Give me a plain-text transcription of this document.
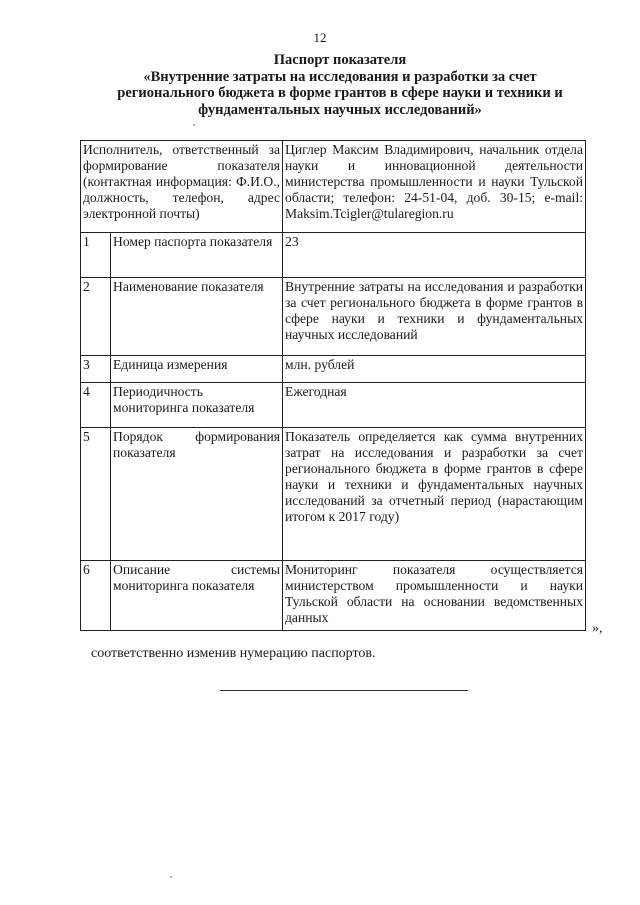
12
Паспорт показателя
«Внутренние затраты на исследования и разработки за счет
регионального бюджета в форме грантов в сфере науки и техники и
фундаментальных научных исследований»
Исполнитель, ответственный за формирование показателя (контактная информация: Ф.И.О., должность, телефон, адрес электронной почты)		Циглер Максим Владимирович, начальник отдела науки и инновационной деятельности министерства промышленности и науки Тульской области; телефон: 24-51-04, доб. 30-15; e-mail: Maksim.Tcigler@tularegion.ru
1	Номер паспорта показателя	23
2	Наименование показателя	Внутренние затраты на исследования и разработки за счет регионального бюджета в форме грантов в сфере науки и техники и фундаментальных научных исследований
3	Единица измерения	млн. рублей
4	Периодичность мониторинга показателя	Ежегодная
5	Порядок формирования показателя	Показатель определяется как сумма внутренних затрат на исследования и разработки за счет регионального бюджета в форме грантов в сфере науки и техники и фундаментальных научных исследований за отчетный период (нарастающим итогом к 2017 году)
6	Описание системы мониторинга показателя	Мониторинг показателя осуществляется министерством промышленности и науки Тульской области на основании ведомственных данных
»,
соответственно изменив нумерацию паспортов.
